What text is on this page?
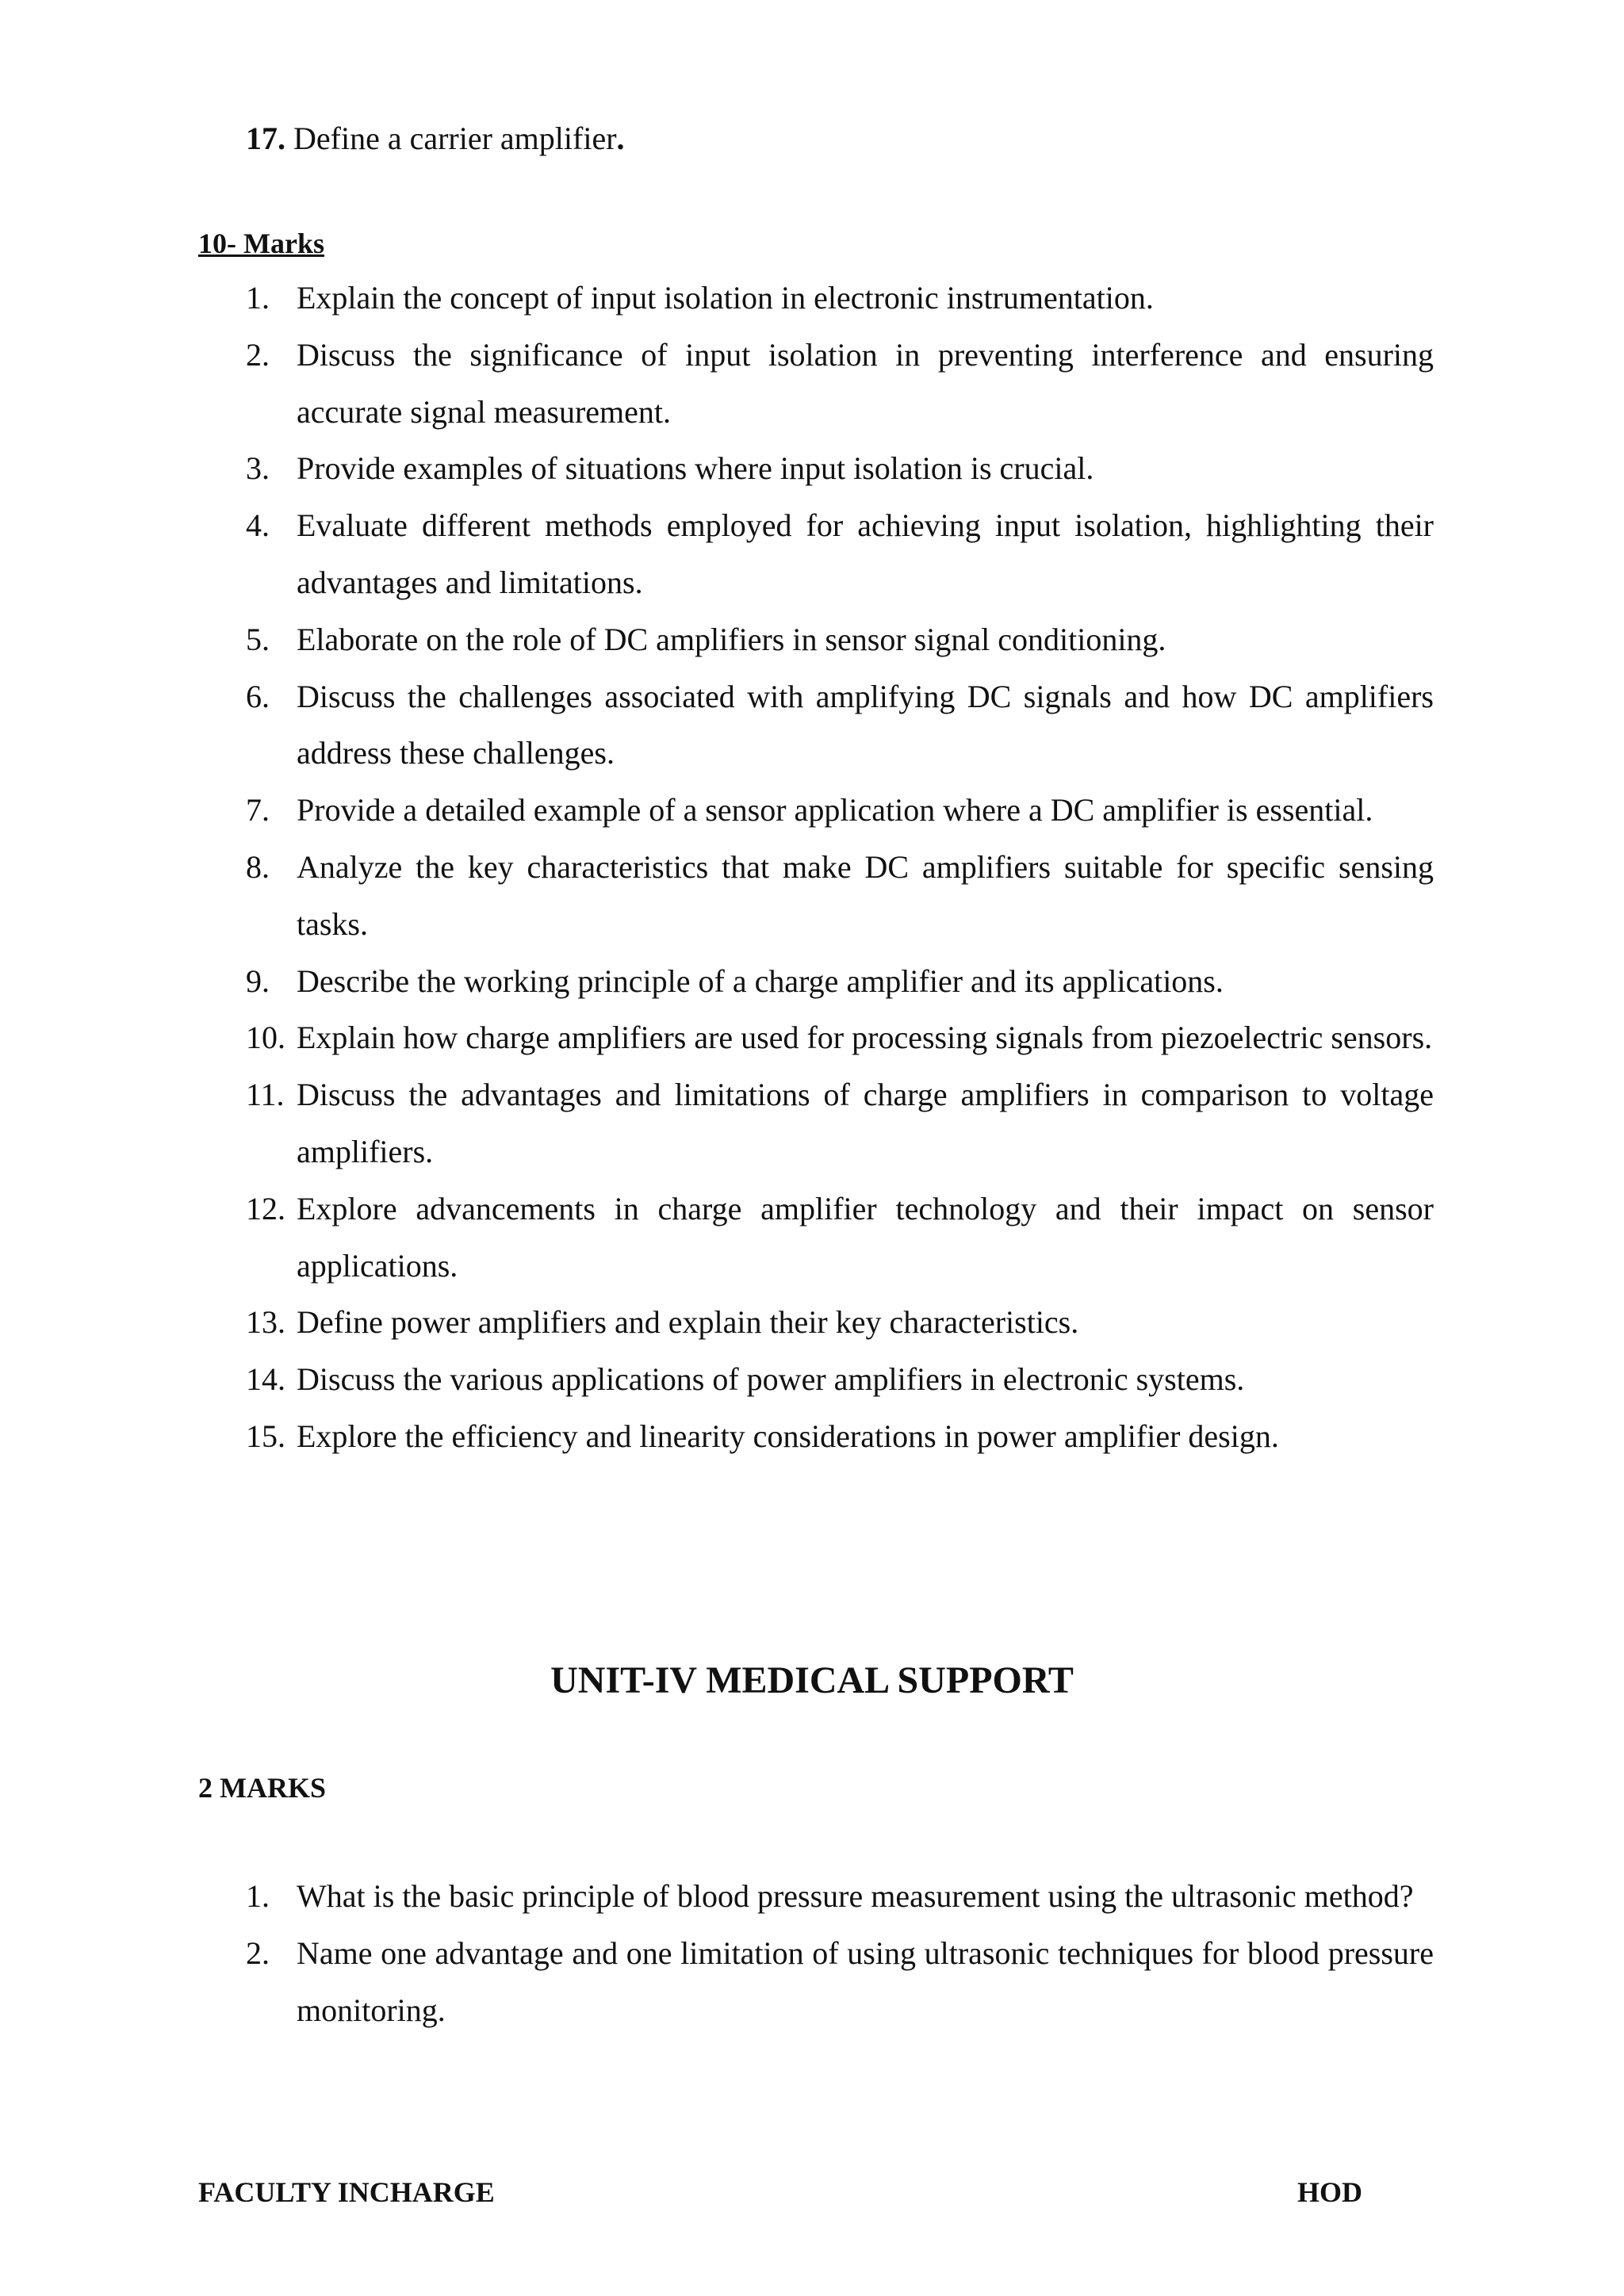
17. Define a carrier amplifier.
10- Marks
1. Explain the concept of input isolation in electronic instrumentation.
2. Discuss the significance of input isolation in preventing interference and ensuring accurate signal measurement.
3. Provide examples of situations where input isolation is crucial.
4. Evaluate different methods employed for achieving input isolation, highlighting their advantages and limitations.
5. Elaborate on the role of DC amplifiers in sensor signal conditioning.
6. Discuss the challenges associated with amplifying DC signals and how DC amplifiers address these challenges.
7. Provide a detailed example of a sensor application where a DC amplifier is essential.
8. Analyze the key characteristics that make DC amplifiers suitable for specific sensing tasks.
9. Describe the working principle of a charge amplifier and its applications.
10. Explain how charge amplifiers are used for processing signals from piezoelectric sensors.
11. Discuss the advantages and limitations of charge amplifiers in comparison to voltage amplifiers.
12. Explore advancements in charge amplifier technology and their impact on sensor applications.
13. Define power amplifiers and explain their key characteristics.
14. Discuss the various applications of power amplifiers in electronic systems.
15. Explore the efficiency and linearity considerations in power amplifier design.
UNIT-IV MEDICAL SUPPORT
2 MARKS
1. What is the basic principle of blood pressure measurement using the ultrasonic method?
2. Name one advantage and one limitation of using ultrasonic techniques for blood pressure monitoring.
FACULTY INCHARGE	HOD
